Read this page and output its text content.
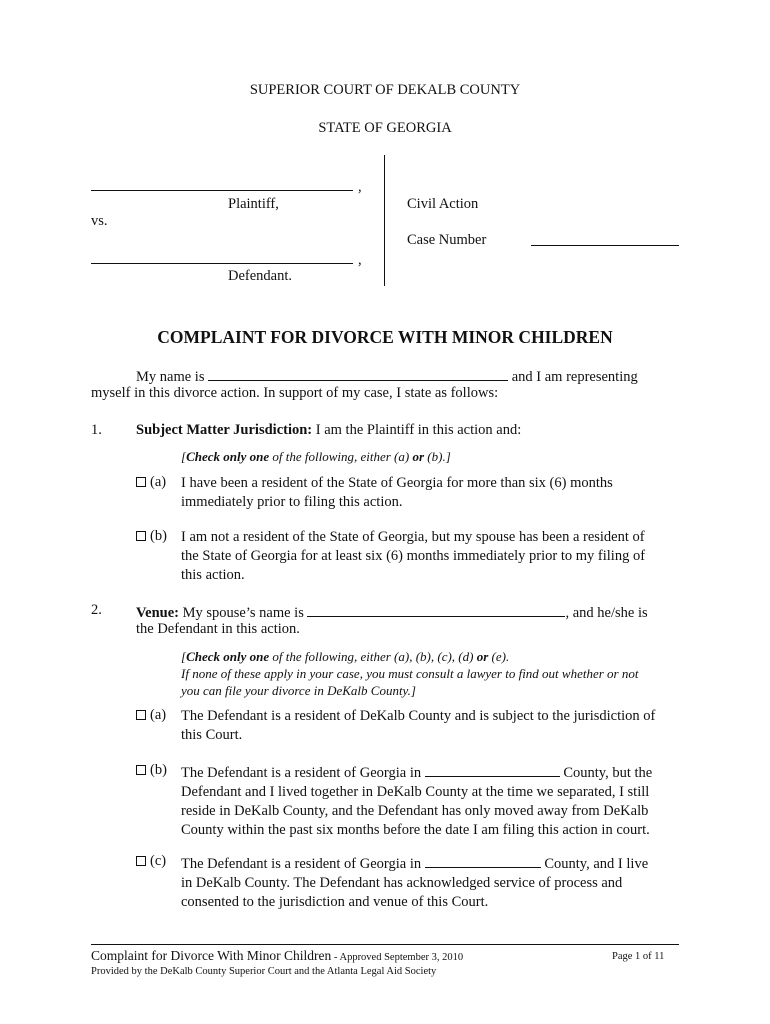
SUPERIOR COURT OF DEKALB COUNTY
STATE OF GEORGIA
,
Plaintiff,
vs.
,
Defendant.
Civil Action
Case Number
COMPLAINT FOR DIVORCE WITH MINOR CHILDREN
My name is	and I am representing
myself in this divorce action. In support of my case, I state as follows:
1. Subject Matter Jurisdiction: I am the Plaintiff in this action and:
[Check only one of the following, either (a) or (b).]
(a) I have been a resident of the State of Georgia for more than six (6) months
immediately prior to filing this action.
(b) I am not a resident of the State of Georgia, but my spouse has been a resident of
the State of Georgia for at least six (6) months immediately prior to my filing of
this action.
2. Venue: My spouse’s name is	, and he/she is
the Defendant in this action.
[Check only one of the following, either (a), (b), (c), (d) or (e).
If none of these apply in your case, you must consult a lawyer to find out whether or not
you can file your divorce in DeKalb County.]
(a) The Defendant is a resident of DeKalb County and is subject to the jurisdiction of
this Court.
(b) The Defendant is a resident of Georgia in	County, but the
Defendant and I lived together in DeKalb County at the time we separated, I still
reside in DeKalb County, and the Defendant has only moved away from DeKalb
County within the past six months before the date I am filing this action in court.
(c) The Defendant is a resident of Georgia in	County, and I live
in DeKalb County. The Defendant has acknowledged service of process and
consented to the jurisdiction and venue of this Court.
Complaint for Divorce With Minor Children - Approved September 3, 2010	Page 1 of 11
Provided by the DeKalb County Superior Court and the Atlanta Legal Aid Society
